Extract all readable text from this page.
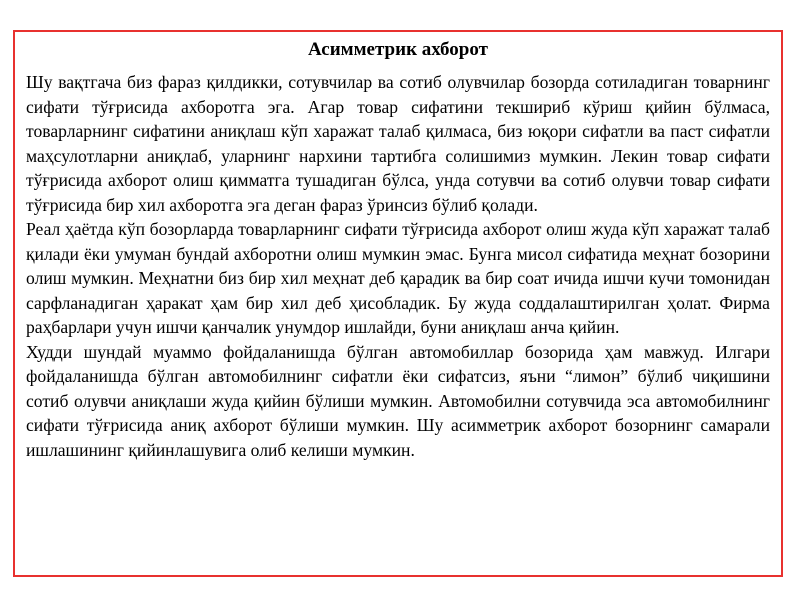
Асимметрик ахборот

Шу вақтгача биз фараз қилдикки, сотувчилар ва сотиб олувчилар бозорда сотиладиган товарнинг сифати тўғрисида ахборотга эга. Агар товар сифатини текшириб кўриш қийин бўлмаса, товарларнинг сифатини аниқлаш кўп харажат талаб қилмаса, биз юқори сифатли ва паст сифатли маҳсулотларни аниқлаб, уларнинг нархини тартибга солишимиз мумкин. Лекин товар сифати тўғрисида ахборот олиш қимматга тушадиган бўлса, унда сотувчи ва сотиб олувчи товар сифати тўғрисида бир хил ахборотга эга деган фараз ўринсиз бўлиб қолади.

Реал ҳаётда кўп бозорларда товарларнинг сифати тўғрисида ахборот олиш жуда кўп харажат талаб қилади ёки умуман бундай ахборотни олиш мумкин эмас. Бунга мисол сифатида меҳнат бозорини олиш мумкин. Меҳнатни биз бир хил меҳнат деб қарадик ва бир соат ичида ишчи кучи томонидан сарфланадиган ҳаракат ҳам бир хил деб ҳисобладик. Бу жуда соддалаштирилган ҳолат. Фирма раҳбарлари учун ишчи қанчалик унумдор ишлайди, буни аниқлаш анча қийин.

Худди шундай муаммо фойдаланишда бўлган автомобиллар бозорида ҳам мавжуд. Илгари фойдаланишда бўлган автомобилнинг сифатли ёки сифатсиз, яъни “лимон” бўлиб чиқишини сотиб олувчи аниқлаши жуда қийин бўлиши мумкин. Автомобилни сотувчида эса автомобилнинг сифати тўғрисида аниқ ахборот бўлиши мумкин. Шу асимметрик ахборот бозорнинг самарали ишлашининг қийинлашувига олиб келиши мумкин.
